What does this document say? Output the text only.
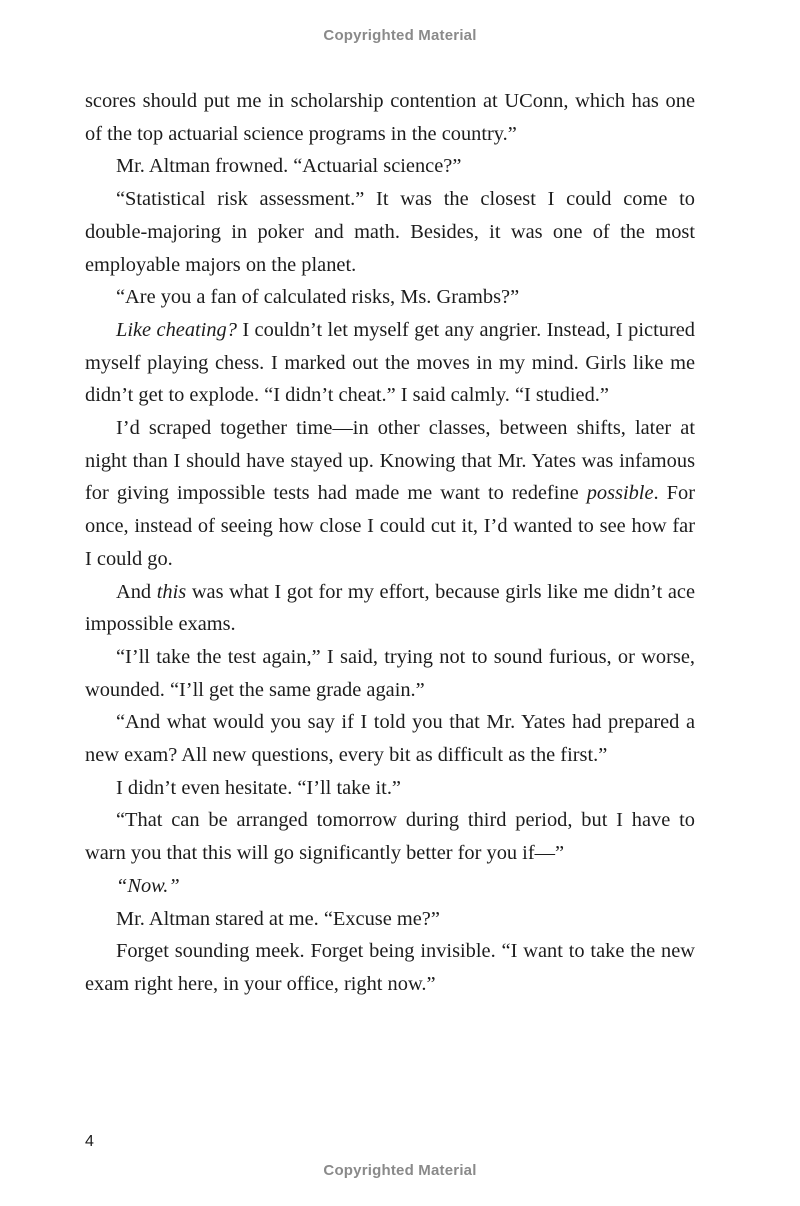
Copyrighted Material

scores should put me in scholarship contention at UConn, which has one of the top actuarial science programs in the country.”

Mr. Altman frowned. “Actuarial science?”

“Statistical risk assessment.” It was the closest I could come to double-majoring in poker and math. Besides, it was one of the most employable majors on the planet.

“Are you a fan of calculated risks, Ms. Grambs?”

Like cheating? I couldn’t let myself get any angrier. Instead, I pictured myself playing chess. I marked out the moves in my mind. Girls like me didn’t get to explode. “I didn’t cheat.” I said calmly. “I studied.”

I’d scraped together time—in other classes, between shifts, later at night than I should have stayed up. Knowing that Mr. Yates was infamous for giving impossible tests had made me want to redefine possible. For once, instead of seeing how close I could cut it, I’d wanted to see how far I could go.

And this was what I got for my effort, because girls like me didn’t ace impossible exams.

“I’ll take the test again,” I said, trying not to sound furious, or worse, wounded. “I’ll get the same grade again.”

“And what would you say if I told you that Mr. Yates had prepared a new exam? All new questions, every bit as difficult as the first.”

I didn’t even hesitate. “I’ll take it.”

“That can be arranged tomorrow during third period, but I have to warn you that this will go significantly better for you if—”

“Now.”

Mr. Altman stared at me. “Excuse me?”

Forget sounding meek. Forget being invisible. “I want to take the new exam right here, in your office, right now.”

4
Copyrighted Material
